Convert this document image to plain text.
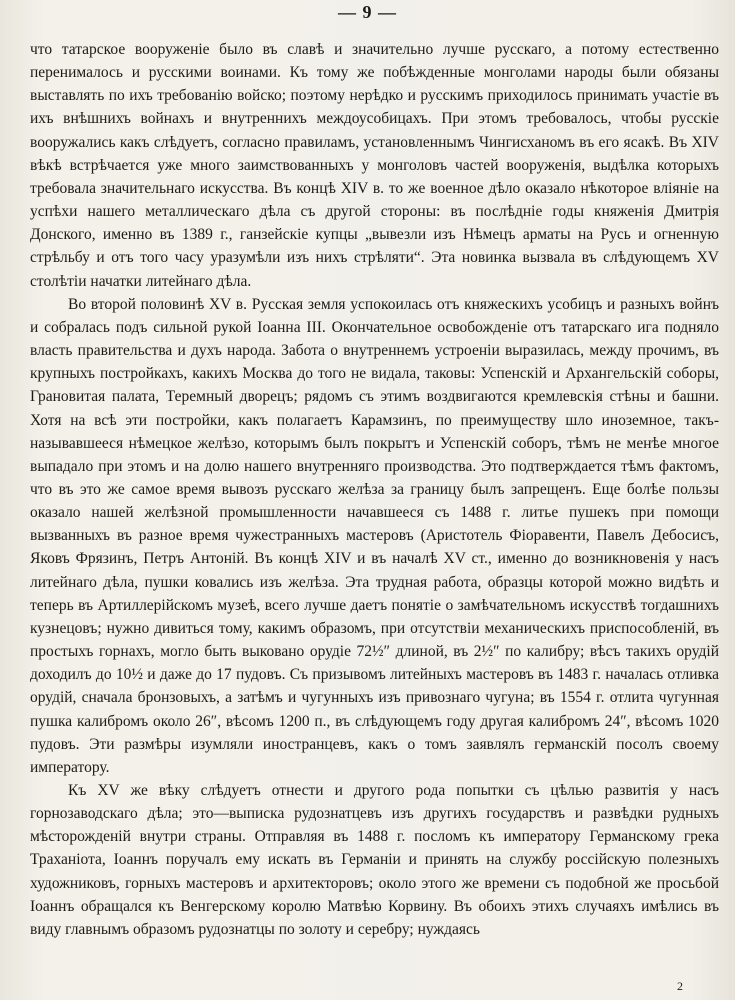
— 9 —

что татарское вооруженіе было въ славѣ и значительно лучше русскаго, а потому естественно перенималось и русскими воинами. Къ тому же побѣжденные монголами народы были обязаны выставлять по ихъ требованію войско; поэтому нерѣдко и русскимъ приходилось принимать участіе въ ихъ внѣшнихъ войнахъ и внутреннихъ междоусобицахъ. При этомъ требовалось, чтобы русскіе вооружались какъ слѣдуетъ, согласно правиламъ, установленнымъ Чингисханомъ въ его ясакѣ. Въ XIV вѣкѣ встрѣчается уже много заимствованныхъ у монголовъ частей вооруженія, выдѣлка которыхъ требовала значительнаго искусства. Въ концѣ XIV в. то же военное дѣло оказало нѣкоторое вліяніе на успѣхи нашего металлическаго дѣла съ другой стороны: въ послѣдніе годы княженія Дмитрія Донского, именно въ 1389 г., ганзейскіе купцы „вывезли изъ Нѣмецъ арматы на Русь и огненную стрѣльбу и отъ того часу уразумѣли изъ нихъ стрѣляти“. Эта новинка вызвала въ слѣдующемъ XV столѣтіи начатки литейнаго дѣла.

Во второй половинѣ XV в. Русская земля успокоилась отъ княжескихъ усобицъ и разныхъ войнъ и собралась подъ сильной рукой Іоанна III. Окончательное освобожденіе отъ татарскаго ига подняло власть правительства и духъ народа. Забота о внутреннемъ устроеніи выразилась, между прочимъ, въ крупныхъ постройкахъ, какихъ Москва до того не видала, таковы: Успенскій и Архангельскій соборы, Грановитая палата, Теремный дворецъ; рядомъ съ этимъ воздвигаются кремлевскія стѣны и башни. Хотя на всѣ эти постройки, какъ полагаетъ Карамзинъ, по преимуществу шло иноземное, такъ-называвшееся нѣмецкое желѣзо, которымъ былъ покрытъ и Успенскій соборъ, тѣмъ не менѣе многое выпадало при этомъ и на долю нашего внутренняго производства. Это подтверждается тѣмъ фактомъ, что въ это же самое время вывозъ русскаго желѣза за границу былъ запрещенъ. Еще болѣе пользы оказало нашей желѣзной промышленности начавшееся съ 1488 г. литье пушекъ при помощи вызванныхъ въ разное время чужестранныхъ мастеровъ (Аристотель Фіоравенти, Павелъ Дебосисъ, Яковъ Фрязинъ, Петръ Антоній. Въ концѣ XIV и въ началѣ XV ст., именно до возникновенія у насъ литейнаго дѣла, пушки ковались изъ желѣза. Эта трудная работа, образцы которой можно видѣть и теперь въ Артиллерійскомъ музеѣ, всего лучше даетъ понятіе о замѣчательномъ искусствѣ тогдашнихъ кузнецовъ; нужно дивиться тому, какимъ образомъ, при отсутствіи механическихъ приспособленій, въ простыхъ горнахъ, могло быть выковано орудіе 72½″ длиной, въ 2½″ по калибру; вѣсъ такихъ орудій доходилъ до 10½ и даже до 17 пудовъ. Съ призывомъ литейныхъ мастеровъ въ 1483 г. началась отливка орудій, сначала бронзовыхъ, а затѣмъ и чугунныхъ изъ привознаго чугуна; въ 1554 г. отлита чугунная пушка калибромъ около 26″, вѣсомъ 1200 п., въ слѣдующемъ году другая калибромъ 24″, вѣсомъ 1020 пудовъ. Эти размѣры изумляли иностранцевъ, какъ о томъ заявлялъ германскій посолъ своему императору.

Къ XV же вѣку слѣдуетъ отнести и другого рода попытки съ цѣлью развитія у насъ горнозаводскаго дѣла; это—выписка рудознатцевъ изъ другихъ государствъ и развѣдки рудныхъ мѣсторожденій внутри страны. Отправляя въ 1488 г. посломъ къ императору Германскому грека Траханіота, Іоаннъ поручалъ ему искать въ Германіи и принять на службу россійскую полезныхъ художниковъ, горныхъ мастеровъ и архитекторовъ; около этого же времени съ подобной же просьбой Іоаннъ обращался къ Венгерскому королю Матвѣю Корвину. Въ обоихъ этихъ случаяхъ имѣлись въ виду главнымъ образомъ рудознатцы по золоту и серебру; нуждаясь

2
